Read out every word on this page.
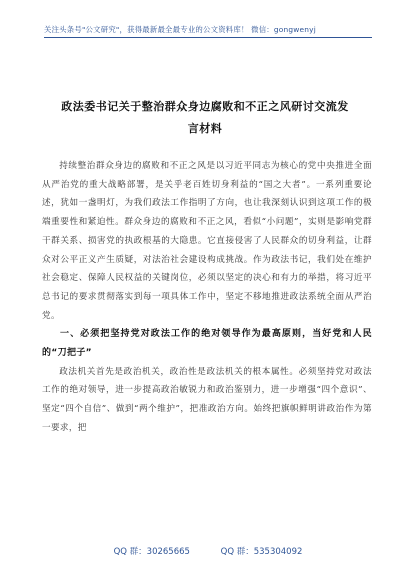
关注头条号"公文研究"，获得最新最全最专业的公文资料库！ 微信：gongwenyj
政法委书记关于整治群众身边腐败和不正之风研讨交流发
言材料

持续整治群众身边的腐败和不正之风是以习近平同志为核心的党中央推进全面从严治党的重大战略部署，是关乎老百姓切身利益的“国之大者”。一系列重要论述，犹如一盏明灯，为我们政法工作指明了方向，也让我深刻认识到这项工作的极端重要性和紧迫性。群众身边的腐败和不正之风，看似“小问题”，实则是影响党群干群关系、损害党的执政根基的大隐患。它直接侵害了人民群众的切身利益，让群众对公平正义产生质疑，对法治社会建设构成挑战。作为政法书记，我们处在维护社会稳定、保障人民权益的关键岗位，必须以坚定的决心和有力的举措，将习近平总书记的要求贯彻落实到每一项具体工作中，坚定不移地推进政法系统全面从严治党。

一、必须把坚持党对政法工作的绝对领导作为最高原则，当好党和人民的“刀把子”

政法机关首先是政治机关，政治性是政法机关的根本属性。必须坚持党对政法工作的绝对领导，进一步提高政治敏锐力和政治鉴别力，进一步增强“四个意识”、坚定“四个自信”、做到“两个维护”，把准政治方向。始终把旗帜鲜明讲政治作为第一要求，把

QQ 群：30265665	QQ 群：535304092
